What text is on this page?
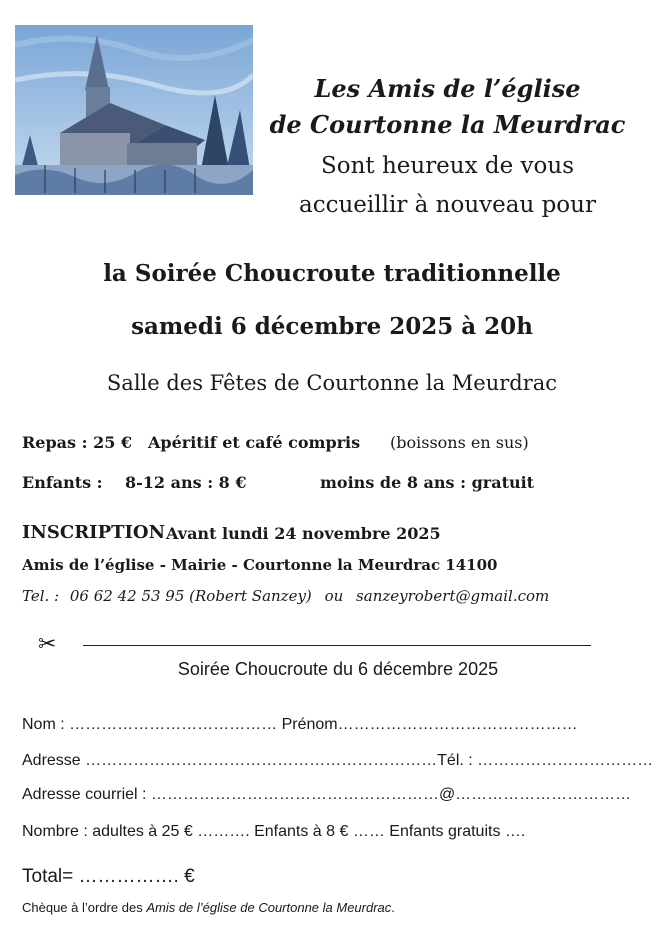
Les Amis de l’église
de Courtonne la Meurdrac
Sont heureux de vous
accueillir à nouveau pour
la Soirée Choucroute traditionnelle
samedi 6 décembre 2025 à 20h
Salle des Fêtes de Courtonne la Meurdrac
Repas : 25 € Apéritif et café compris (boissons en sus)
Enfants : 8-12 ans : 8 €	moins de 8 ans : gratuit
INSCRIPTION Avant lundi 24 novembre 2025
Amis de l’église - Mairie - Courtonne la Meurdrac 14100
Tel. : 06 62 42 53 95 (Robert Sanzey) ou sanzeyrobert@gmail.com
✂
Soirée Choucroute du 6 décembre 2025
Nom : ………………………………… Prénom………………………………………
Adresse …………………………………………………………Tél. : ……………………………
Adresse courriel : ………………………………………………@……………………………
Nombre : adultes à 25 € ………. Enfants à 8 € …… Enfants gratuits ….
Total= ……………. €
Chèque à l’ordre des Amis de l’église de Courtonne la Meurdrac.
